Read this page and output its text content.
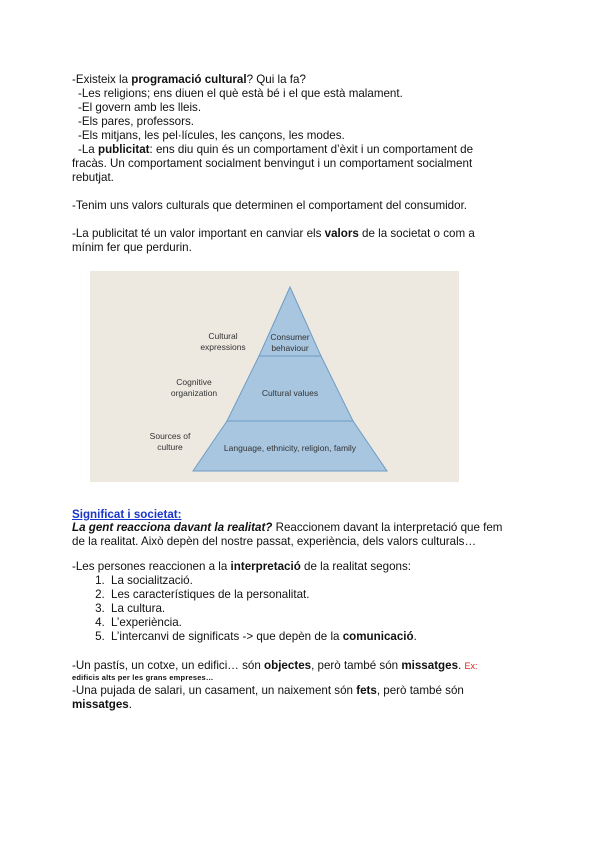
-Existeix la programació cultural? Qui la fa?
-Les religions; ens diuen el què està bé i el que està malament.
-El govern amb les lleis.
-Els pares, professors.
-Els mitjans, les pel·lícules, les cançons, les modes.
-La publicitat: ens diu quin és un comportament d’èxit i un comportament de
fracàs. Un comportament socialment benvingut i un comportament socialment
rebutjat.
-Tenim uns valors culturals que determinen el comportament del consumidor.
-La publicitat té un valor important en canviar els valors de la societat o com a
mínim fer que perdurin.
Consumer
behaviour
Cultural values
Language, ethnicity, religion, family
Cultural
expressions
Cognitive
organization
Sources of
culture
Significat i societat:
La gent reacciona davant la realitat? Reaccionem davant la interpretació que fem
de la realitat. Això depèn del nostre passat, experiència, dels valors culturals…
-Les persones reaccionen a la interpretació de la realitat segons:
1. La socialització.
2. Les característiques de la personalitat.
3. La cultura.
4. L’experiència.
5. L’intercanvi de significats -> que depèn de la comunicació.
-Un pastís, un cotxe, un edifici… són objectes, però també són missatges. Ex:
edificis alts per les grans empreses…
-Una pujada de salari, un casament, un naixement són fets, però també són
missatges.
